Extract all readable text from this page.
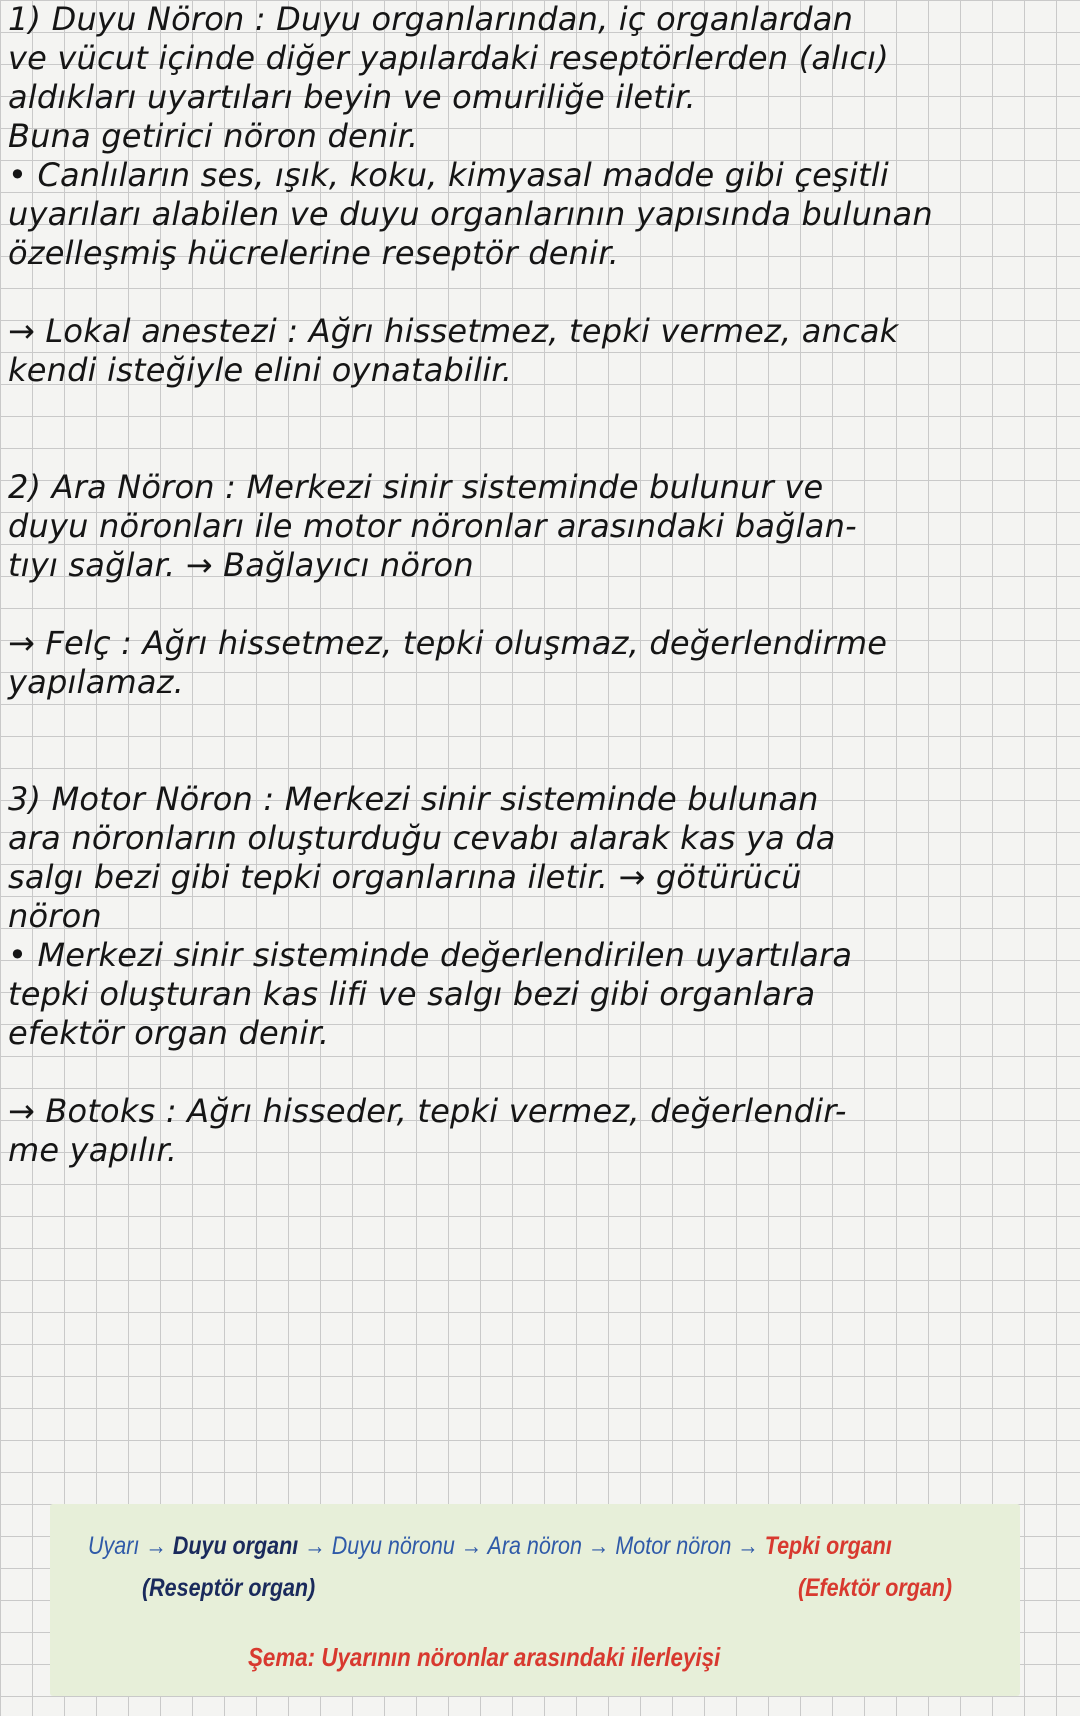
1) Duyu Nöron : Duyu organlarından, iç organlardan
ve vücut içinde diğer yapılardaki reseptörlerden (alıcı)
aldıkları uyartıları beyin ve omuriliğe iletir.
Buna getirici nöron denir.
• Canlıların ses, ışık, koku, kimyasal madde gibi çeşitli
uyarıları alabilen ve duyu organlarının yapısında bulunan
özelleşmiş hücrelerine reseptör denir.
→ Lokal anestezi : Ağrı hissetmez, tepki vermez, ancak
kendi isteğiyle elini oynatabilir.
2) Ara Nöron : Merkezi sinir sisteminde bulunur ve
duyu nöronları ile motor nöronlar arasındaki bağlan-
tıyı sağlar. → Bağlayıcı nöron
→ Felç : Ağrı hissetmez, tepki oluşmaz, değerlendirme
yapılamaz.
3) Motor Nöron : Merkezi sinir sisteminde bulunan
ara nöronların oluşturduğu cevabı alarak kas ya da
salgı bezi gibi tepki organlarına iletir. → götürücü
nöron
• Merkezi sinir sisteminde değerlendirilen uyartılara
tepki oluşturan kas lifi ve salgı bezi gibi organlara
efektör organ denir.
→ Botoks : Ağrı hisseder, tepki vermez, değerlendir-
me yapılır.
Uyarı → Duyu organı → Duyu nöronu → Ara nöron → Motor nöron → Tepki organı
(Reseptör organ)	(Efektör organ)
Şema: Uyarının nöronlar arasındaki ilerleyişi
